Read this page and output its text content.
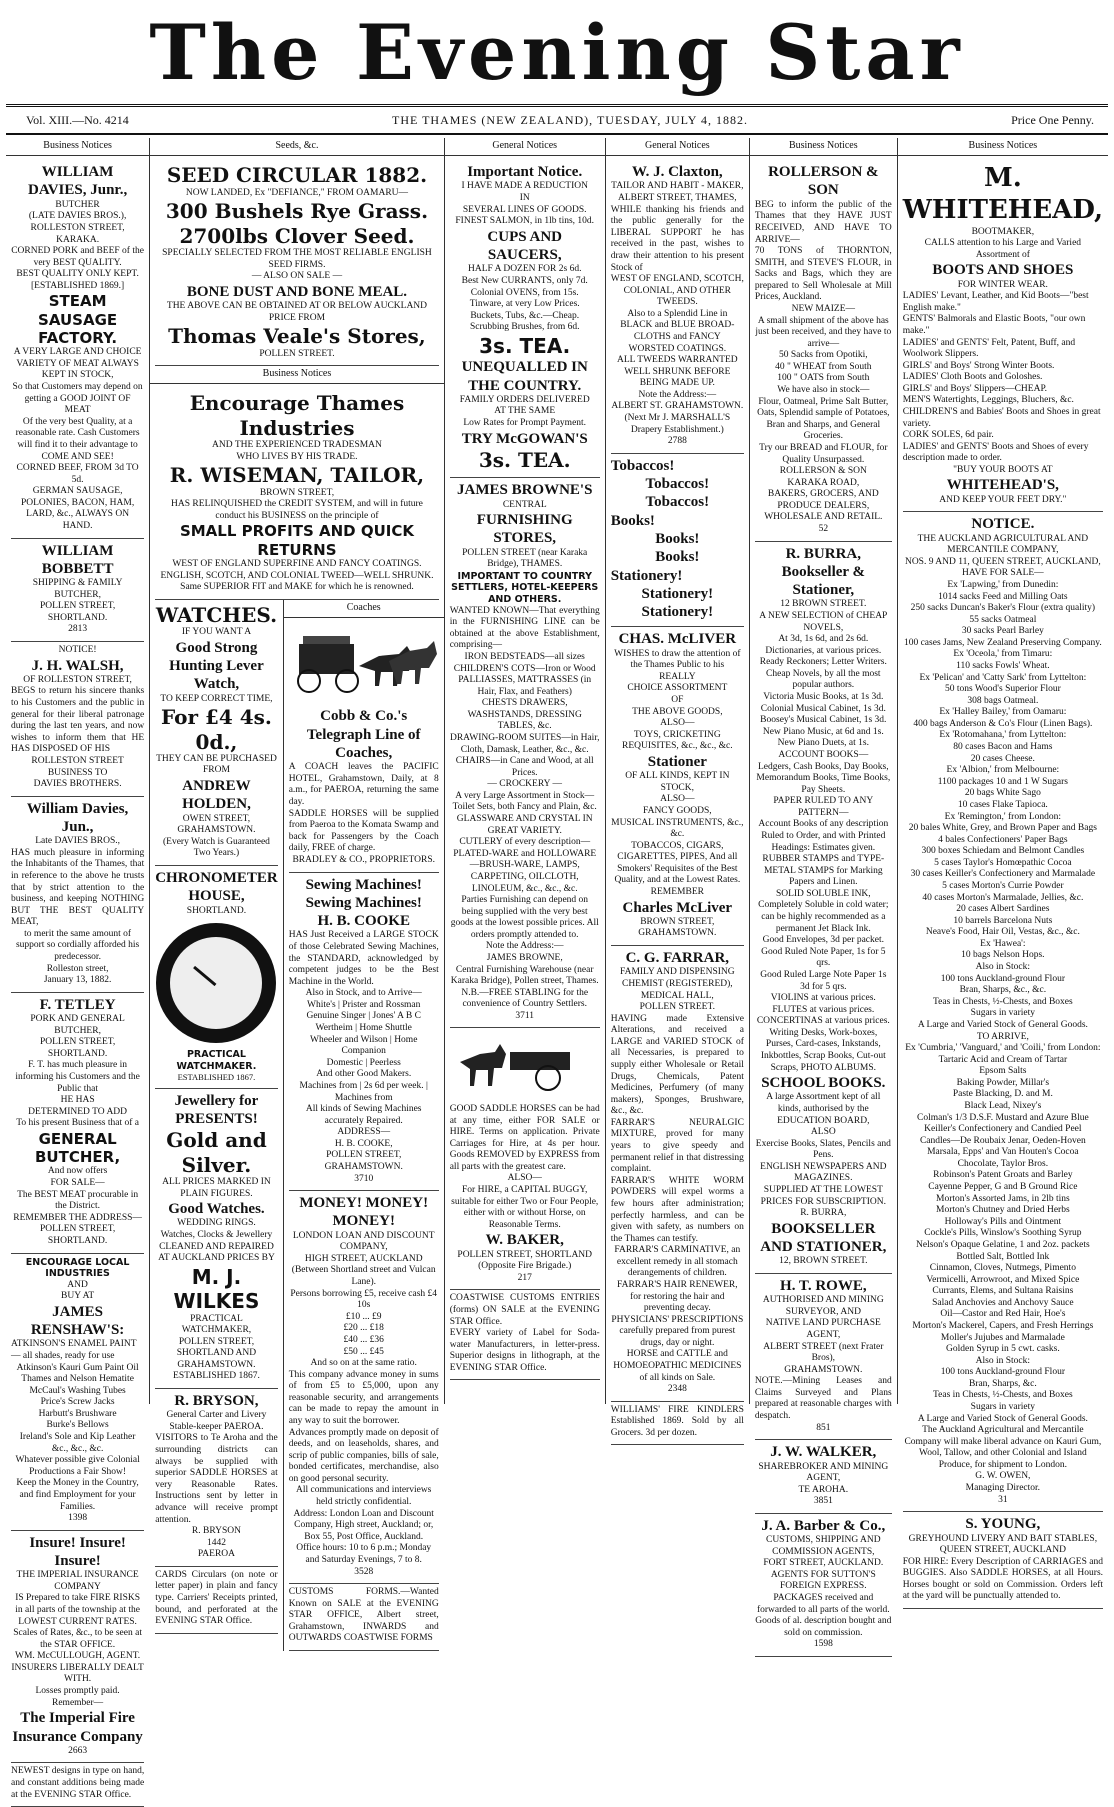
The Evening Star
Vol. XIII.—No. 4214	THE THAMES (NEW ZEALAND), TUESDAY, JULY 4, 1882.	Price One Penny.
Business Notices
WILLIAM DAVIES, Junr.,
BUTCHER
(LATE DAVIES BROS.),
ROLLESTON STREET, KARAKA.
CORNED PORK and BEEF of the very BEST QUALITY.
BEST QUALITY ONLY KEPT.
[ESTABLISHED 1869.]
STEAM SAUSAGE FACTORY.
A VERY LARGE AND CHOICE VARIETY OF MEAT ALWAYS KEPT IN STOCK,
So that Customers may depend on getting a GOOD JOINT OF MEAT
Of the very best Quality, at a reasonable rate. Cash Customers will find it to their advantage to COME AND SEE!
CORNED BEEF, FROM 3d TO 5d.
GERMAN SAUSAGE, POLONIES, BACON, HAM, LARD, &c., ALWAYS ON HAND.
WILLIAM BOBBETT
SHIPPING & FAMILY BUTCHER,
POLLEN STREET, SHORTLAND.
2813
NOTICE!
J. H. WALSH,
OF ROLLESTON STREET,
BEGS to return his sincere thanks to his Customers and the public in general for their liberal patronage during the last ten years, and now wishes to inform them that HE HAS DISPOSED OF HIS
ROLLESTON STREET BUSINESS TO
DAVIES BROTHERS.
William Davies, Jun.,
Late DAVIES BROS.,
HAS much pleasure in informing the Inhabitants of the Thames, that in reference to the above he trusts that by strict attention to the business, and keeping NOTHING BUT THE BEST QUALITY MEAT,
to merit the same amount of support so cordially afforded his predecessor.
Rolleston street,
January 13, 1882.
F. TETLEY
PORK AND GENERAL BUTCHER,
POLLEN STREET, SHORTLAND.
F. T. has much pleasure in informing his Customers and the Public that
HE HAS
DETERMINED TO ADD
To his present Business that of a
GENERAL BUTCHER,
And now offers
FOR SALE—
The BEST MEAT procurable in the District.
REMEMBER THE ADDRESS—
POLLEN STREET,
SHORTLAND.
ENCOURAGE LOCAL INDUSTRIES
AND
BUY AT
JAMES RENSHAW'S:
ATKINSON'S ENAMEL PAINT— all shades, ready for use
Atkinson's Kauri Gum Paint Oil
Thames and Nelson Hematite
McCaul's Washing Tubes
Price's Screw Jacks
Harbutt's Brushware
Burke's Bellows
Ireland's Sole and Kip Leather
&c., &c., &c.
Whatever possible give Colonial Productions a Fair Show!
Keep the Money in the Country, and find Employment for your Families.
1398
Insure! Insure! Insure!
THE IMPERIAL INSURANCE COMPANY
IS Prepared to take FIRE RISKS in all parts of the township at the LOWEST CURRENT RATES.
Scales of Rates, &c., to be seen at the STAR OFFICE.
WM. McCULLOUGH, AGENT.
INSURERS LIBERALLY DEALT WITH.
Losses promptly paid.
Remember—
The Imperial Fire Insurance Company
2663
NEWEST designs in type on hand, and constant additions being made at the EVENING STAR Office.
Seeds, &c.
SEED CIRCULAR 1882.
NOW LANDED, Ex "DEFIANCE," FROM OAMARU—
300 Bushels Rye Grass.
2700lbs Clover Seed.
SPECIALLY SELECTED FROM THE MOST RELIABLE ENGLISH SEED FIRMS.
— ALSO ON SALE —
BONE DUST AND BONE MEAL.
THE ABOVE CAN BE OBTAINED AT OR BELOW AUCKLAND PRICE FROM
Thomas Veale's Stores,
POLLEN STREET.
Business Notices
Encourage Thames Industries
AND THE EXPERIENCED TRADESMAN
WHO LIVES BY HIS TRADE.
R. WISEMAN, TAILOR,
BROWN STREET,
HAS RELINQUISHED the CREDIT SYSTEM, and will in future conduct his BUSINESS on the principle of
SMALL PROFITS AND QUICK RETURNS
WEST OF ENGLAND SUPERFINE AND FANCY COATINGS. ENGLISH, SCOTCH, AND COLONIAL TWEED—WELL SHRUNK.
Same SUPERIOR FIT and MAKE for which he is renowned.
WATCHES.
IF YOU WANT A
Good Strong Hunting Lever Watch,
TO KEEP CORRECT TIME,
For £4 4s. 0d.,
THEY CAN BE PURCHASED FROM
ANDREW HOLDEN,
OWEN STREET, GRAHAMSTOWN.
(Every Watch is Guaranteed Two Years.)
CHRONOMETER HOUSE,
SHORTLAND.
PRACTICAL
WATCHMAKER.
ESTABLISHED 1867.
Jewellery for PRESENTS!
Gold and Silver.
ALL PRICES MARKED IN PLAIN FIGURES.
Good Watches.
WEDDING RINGS.
Watches, Clocks & Jewellery CLEANED AND REPAIRED AT AUCKLAND PRICES BY
M. J. WILKES
PRACTICAL WATCHMAKER,
POLLEN STREET, SHORTLAND AND GRAHAMSTOWN.
ESTABLISHED 1867.
R. BRYSON,
General Carter and Livery Stable-keeper PAEROA.
VISITORS to Te Aroha and the surrounding districts can always be supplied with superior SADDLE HORSES at very Reasonable Rates. Instructions sent by letter in advance will receive prompt attention.
R. BRYSON
1442
PAEROA
CARDS Circulars (on note or letter paper) in plain and fancy type. Carriers' Receipts printed, bound, and perforated at the EVENING STAR Office.
Coaches
Cobb & Co.'s Telegraph Line of Coaches,
A COACH leaves the PACIFIC HOTEL, Grahamstown, Daily, at 8 a.m., for PAEROA, returning the same day.
SADDLE HORSES will be supplied from Paeroa to the Komata Swamp and back for Passengers by the Coach daily, FREE of charge.
BRADLEY & CO., PROPRIETORS.
Sewing Machines!
Sewing Machines!
H. B. COOKE
HAS Just Received a LARGE STOCK of those Celebrated Sewing Machines, the STANDARD, acknowledged by competent judges to be the Best Machine in the World.
Also in Stock, and to Arrive—
White's | Prister and Rossman
Genuine Singer | Jones' A B C
Wertheim | Home Shuttle
Wheeler and Wilson | Home Companion
Domestic | Peerless
And other Good Makers.
Machines from | 2s 6d per week. | Machines from
All kinds of Sewing Machines accurately Repaired.
ADDRESS—
H. B. COOKE,
POLLEN STREET, GRAHAMSTOWN.
3710
MONEY! MONEY! MONEY!
LONDON LOAN AND DISCOUNT COMPANY,
HIGH STREET, AUCKLAND
(Between Shortland street and Vulcan Lane).
Persons borrowing £5, receive cash £4 10s
£10 ... £9
£20 ... £18
£40 ... £36
£50 ... £45
And so on at the same ratio.
This company advance money in sums of from £5 to £5,000, upon any reasonable security, and arrangements can be made to repay the amount in any way to suit the borrower.
Advances promptly made on deposit of deeds, and on leaseholds, shares, and scrip of public companies, bills of sale, bonded certificates, merchandise, also on good personal security.
All communications and interviews held strictly confidential.
Address: London Loan and Discount Company, High street, Auckland; or, Box 55, Post Office, Auckland.
Office hours: 10 to 6 p.m.; Monday and Saturday Evenings, 7 to 8.
3528
CUSTOMS FORMS.—Wanted Known on SALE at the EVENING STAR OFFICE, Albert street, Grahamstown, INWARDS and OUTWARDS COASTWISE FORMS
General Notices
Important Notice.
I HAVE MADE A REDUCTION
IN
SEVERAL LINES OF GOODS.
FINEST SALMON, in 1lb tins, 10d.
CUPS AND SAUCERS,
HALF A DOZEN FOR 2s 6d.
Best New CURRANTS, only 7d.
Colonial OVENS, from 15s.
Tinware, at very Low Prices.
Buckets, Tubs, &c.—Cheap.
Scrubbing Brushes, from 6d.
3s. TEA.
UNEQUALLED IN THE COUNTRY.
FAMILY ORDERS DELIVERED
AT THE SAME
Low Rates for Prompt Payment.
TRY McGOWAN'S
3s. TEA.
JAMES BROWNE'S
CENTRAL
FURNISHING STORES,
POLLEN STREET (near Karaka Bridge), THAMES.
IMPORTANT TO COUNTRY SETTLERS, HOTEL-KEEPERS AND OTHERS.
WANTED KNOWN—That everything in the FURNISHING LINE can be obtained at the above Establishment, comprising—
IRON BEDSTEADS—all sizes
CHILDREN'S COTS—Iron or Wood
PALLIASSES, MATTRASSES (in Hair, Flax, and Feathers)
CHESTS DRAWERS, WASHSTANDS, DRESSING TABLES, &c.
DRAWING-ROOM SUITES—in Hair, Cloth, Damask, Leather, &c., &c.
CHAIRS—in Cane and Wood, at all Prices.
— CROCKERY —
A very Large Assortment in Stock—Toilet Sets, both Fancy and Plain, &c.
GLASSWARE AND CRYSTAL IN GREAT VARIETY.
CUTLERY of every description—PLATED-WARE and HOLLOWARE—BRUSH-WARE, LAMPS, CARPETING, OILCLOTH, LINOLEUM, &c., &c., &c.
Parties Furnishing can depend on being supplied with the very best goods at the lowest possible prices. All orders promptly attended to.
Note the Address:—
JAMES BROWNE,
Central Furnishing Warehouse (near Karaka Bridge), Pollen street, Thames.
N.B.—FREE STABLING for the convenience of Country Settlers.
3711
GOOD SADDLE HORSES can be had at any time, either FOR SALE or HIRE. Terms on application. Private Carriages for Hire, at 4s per hour. Goods REMOVED by EXPRESS from all parts with the greatest care.
ALSO—
For HIRE, a CAPITAL BUGGY, suitable for either Two or Four People, either with or without Horse, on Reasonable Terms.
W. BAKER,
POLLEN STREET, SHORTLAND
(Opposite Fire Brigade.)
217
COASTWISE CUSTOMS ENTRIES (forms) ON SALE at the EVENING STAR Office.
EVERY variety of Label for Soda-water Manufacturers, in letter-press. Superior designs in lithograph, at the EVENING STAR Office.
General Notices
W. J. Claxton,
TAILOR AND HABIT - MAKER,
ALBERT STREET, THAMES,
WHILE thanking his friends and the public generally for the LIBERAL SUPPORT he has received in the past, wishes to draw their attention to his present Stock of
WEST OF ENGLAND, SCOTCH, COLONIAL, AND OTHER TWEEDS.
Also to a Splendid Line in BLACK and BLUE BROAD-CLOTHS and FANCY WORSTED COATINGS.
ALL TWEEDS WARRANTED WELL SHRUNK BEFORE BEING MADE UP.
Note the Address:—
ALBERT ST. GRAHAMSTOWN.
(Next Mr J. MARSHALL'S Drapery Establishment.)
2788
Tobaccos!
Tobaccos!
Tobaccos!
Books!
Books!
Books!
Stationery!
Stationery!
Stationery!
CHAS. McLIVER
WISHES to draw the attention of the Thames Public to his
REALLY
CHOICE ASSORTMENT
OF
THE ABOVE GOODS,
ALSO—
TOYS, CRICKETING REQUISITES, &c., &c., &c.
Stationer
OF ALL KINDS, KEPT IN STOCK,
ALSO—
FANCY GOODS,
MUSICAL INSTRUMENTS, &c., &c.
TOBACCOS, CIGARS, CIGARETTES, PIPES, And all Smokers' Requisites of the Best Quality, and at the Lowest Rates.
REMEMBER
Charles McLiver
BROWN STREET,
GRAHAMSTOWN.
C. G. FARRAR,
FAMILY AND DISPENSING CHEMIST (REGISTERED),
MEDICAL HALL,
POLLEN STREET.
HAVING made Extensive Alterations, and received a LARGE and VARIED STOCK of all Necessaries, is prepared to supply either Wholesale or Retail Drugs, Chemicals, Patent Medicines, Perfumery (of many makers), Sponges, Brushware, &c., &c.
FARRAR'S NEURALGIC MIXTURE, proved for many years to give speedy and permanent relief in that distressing complaint.
FARRAR'S WHITE WORM POWDERS will expel worms a few hours after administration; perfectly harmless, and can be given with safety, as numbers on the Thames can testify.
FARRAR'S CARMINATIVE, an excellent remedy in all stomach derangements of children.
FARRAR'S HAIR RENEWER, for restoring the hair and preventing decay.
PHYSICIANS' PRESCRIPTIONS carefully prepared from purest drugs, day or night.
HORSE and CATTLE and HOMOEOPATHIC MEDICINES of all kinds on Sale.
2348
WILLIAMS' FIRE KINDLERS Established 1869. Sold by all Grocers. 3d per dozen.
Business Notices
ROLLERSON & SON
BEG to inform the public of the Thames that they HAVE JUST RECEIVED, AND HAVE TO ARRIVE—
70 TONS of THORNTON, SMITH, and STEVE'S FLOUR, in Sacks and Bags, which they are prepared to Sell Wholesale at Mill Prices, Auckland.
NEW MAIZE—
A small shipment of the above has just been received, and they have to arrive—
50 Sacks from Opotiki,
40 " WHEAT from South
100 " OATS from South
We have also in stock—
Flour, Oatmeal, Prime Salt Butter, Oats, Splendid sample of Potatoes, Bran and Sharps, and General Groceries.
Try our BREAD and FLOUR, for Quality Unsurpassed.
ROLLERSON & SON
KARAKA ROAD,
BAKERS, GROCERS, AND PRODUCE DEALERS,
WHOLESALE AND RETAIL.
52
R. BURRA,
Bookseller & Stationer,
12 BROWN STREET.
A NEW SELECTION of CHEAP NOVELS,
At 3d, 1s 6d, and 2s 6d.
Dictionaries, at various prices.
Ready Reckoners; Letter Writers.
Cheap Novels, by all the most popular authors.
Victoria Music Books, at 1s 3d.
Colonial Musical Cabinet, 1s 3d.
Boosey's Musical Cabinet, 1s 3d.
New Piano Music, at 6d and 1s.
New Piano Duets, at 1s.
ACCOUNT BOOKS—
Ledgers, Cash Books, Day Books, Memorandum Books, Time Books, Pay Sheets.
PAPER RULED TO ANY PATTERN—
Account Books of any description Ruled to Order, and with Printed Headings: Estimates given.
RUBBER STAMPS and TYPE-METAL STAMPS for Marking Papers and Linen.
SOLID SOLUBLE INK,
Completely Soluble in cold water; can be highly recommended as a permanent Jet Black Ink.
Good Envelopes, 3d per packet.
Good Ruled Note Paper, 1s for 5 qrs.
Good Ruled Large Note Paper 1s 3d for 5 qrs.
VIOLINS at various prices.
FLUTES at various prices.
CONCERTINAS at various prices.
Writing Desks, Work-boxes, Purses, Card-cases, Inkstands, Inkbottles, Scrap Books, Cut-out Scraps, PHOTO ALBUMS.
SCHOOL BOOKS.
A large Assortment kept of all kinds, authorised by the EDUCATION BOARD,
ALSO
Exercise Books, Slates, Pencils and Pens.
ENGLISH NEWSPAPERS AND MAGAZINES.
SUPPLIED AT THE LOWEST PRICES FOR SUBSCRIPTION.
R. BURRA,
BOOKSELLER AND STATIONER,
12, BROWN STREET.
H. T. ROWE,
AUTHORISED AND MINING SURVEYOR, AND
NATIVE LAND PURCHASE AGENT,
ALBERT STREET (next Frater Bros),
GRAHAMSTOWN.
NOTE.—Mining Leases and Claims Surveyed and Plans prepared at reasonable charges with despatch.
851
J. W. WALKER,
SHAREBROKER AND MINING AGENT,
TE AROHA.
3851
J. A. Barber & Co.,
CUSTOMS, SHIPPING AND COMMISSION AGENTS,
FORT STREET, AUCKLAND.
AGENTS FOR SUTTON'S FOREIGN EXPRESS.
PACKAGES received and forwarded to all parts of the world.
Goods of al. description bought and sold on commission.
1598
Business Notices
M. WHITEHEAD,
BOOTMAKER,
CALLS attention to his Large and Varied Assortment of
BOOTS AND SHOES
FOR WINTER WEAR.
LADIES' Levant, Leather, and Kid Boots—"best English make."
GENTS' Balmorals and Elastic Boots, "our own make."
LADIES' and GENTS' Felt, Patent, Buff, and Woolwork Slippers.
GIRLS' and Boys' Strong Winter Boots.
LADIES' Cloth Boots and Goloshes.
GIRLS' and Boys' Slippers—CHEAP.
MEN'S Watertights, Leggings, Bluchers, &c.
CHILDREN'S and Babies' Boots and Shoes in great variety.
CORK SOLES, 6d pair.
LADIES' and GENTS' Boots and Shoes of every description made to order.
"BUY YOUR BOOTS AT
WHITEHEAD'S,
AND KEEP YOUR FEET DRY."
NOTICE.
THE AUCKLAND AGRICULTURAL AND MERCANTILE COMPANY,
NOS. 9 AND 11, QUEEN STREET, AUCKLAND,
HAVE FOR SALE—
Ex 'Lapwing,' from Dunedin:
1014 sacks Feed and Milling Oats
250 sacks Duncan's Baker's Flour (extra quality)
55 sacks Oatmeal
30 sacks Pearl Barley
100 cases Jams, New Zealand Preserving Company.
Ex 'Oceola,' from Timaru:
110 sacks Fowls' Wheat.
Ex 'Pelican' and 'Catty Sark' from Lyttelton:
50 tons Wood's Superior Flour
308 bags Oatmeal.
Ex 'Halley Bailey,' from Oamaru:
400 bags Anderson & Co's Flour (Linen Bags).
Ex 'Rotomahana,' from Lyttelton:
80 cases Bacon and Hams
20 cases Cheese.
Ex 'Albion,' from Melbourne:
1100 packages 10 and 1 W Sugars
20 bags White Sago
10 cases Flake Tapioca.
Ex 'Remington,' from London:
20 bales White, Grey, and Brown Paper and Bags
4 bales Confectioners' Paper Bags
300 boxes Schiedam and Belmont Candles
5 cases Taylor's Homœpathic Cocoa
30 cases Keiller's Confectionery and Marmalade
5 cases Morton's Currie Powder
40 cases Morton's Marmalade, Jellies, &c.
20 cases Albert Sardines
10 barrels Barcelona Nuts
Neave's Food, Hair Oil, Vestas, &c., &c.
Ex 'Hawea':
10 bags Nelson Hops.
Also in Stock:
100 tons Auckland-ground Flour
Bran, Sharps, &c., &c.
Teas in Chests, ½-Chests, and Boxes
Sugars in variety
A Large and Varied Stock of General Goods.
TO ARRIVE,
Ex 'Cumbria,' 'Vanguard,' and 'Coili,' from London:
Tartaric Acid and Cream of Tartar
Epsom Salts
Baking Powder, Millar's
Paste Blacking, D. and M.
Black Lead, Nixey's
Colman's 1/3 D.S.F. Mustard and Azure Blue
Keiller's Confectionery and Candied Peel
Candles—De Roubaix Jenar, Oeden-Hoven
Marsala, Epps' and Van Houten's Cocoa
Chocolate, Taylor Bros.
Robinson's Patent Groats and Barley
Cayenne Pepper, G and B Ground Rice
Morton's Assorted Jams, in 2lb tins
Morton's Chutney and Dried Herbs
Holloway's Pills and Ointment
Cockle's Pills, Winslow's Soothing Syrup
Nelson's Opaque Gelatine, 1 and 2oz. packets
Bottled Salt, Bottled Ink
Cinnamon, Cloves, Nutmegs, Pimento
Vermicelli, Arrowroot, and Mixed Spice
Currants, Elems, and Sultana Raisins
Salad Anchovies and Anchovy Sauce
Oil—Castor and Red Hair, Hoe's
Morton's Mackerel, Capers, and Fresh Herrings
Moller's Jujubes and Marmalade
Golden Syrup in 5 cwt. casks.
Also in Stock:
100 tons Auckland-ground Flour
Bran, Sharps, &c.
Teas in Chests, ½-Chests, and Boxes
Sugars in variety
A Large and Varied Stock of General Goods.
The Auckland Agricultural and Mercantile Company will make liberal advance on Kauri Gum, Wool, Tallow, and other Colonial and Island Produce, for shipment to London.
G. W. OWEN,
Managing Director.
31
S. YOUNG,
GREYHOUND LIVERY AND BAIT STABLES,
QUEEN STREET, AUCKLAND
FOR HIRE: Every Description of CARRIAGES and BUGGIES. Also SADDLE HORSES, at all Hours. Horses bought or sold on Commission. Orders left at the yard will be punctually attended to.
